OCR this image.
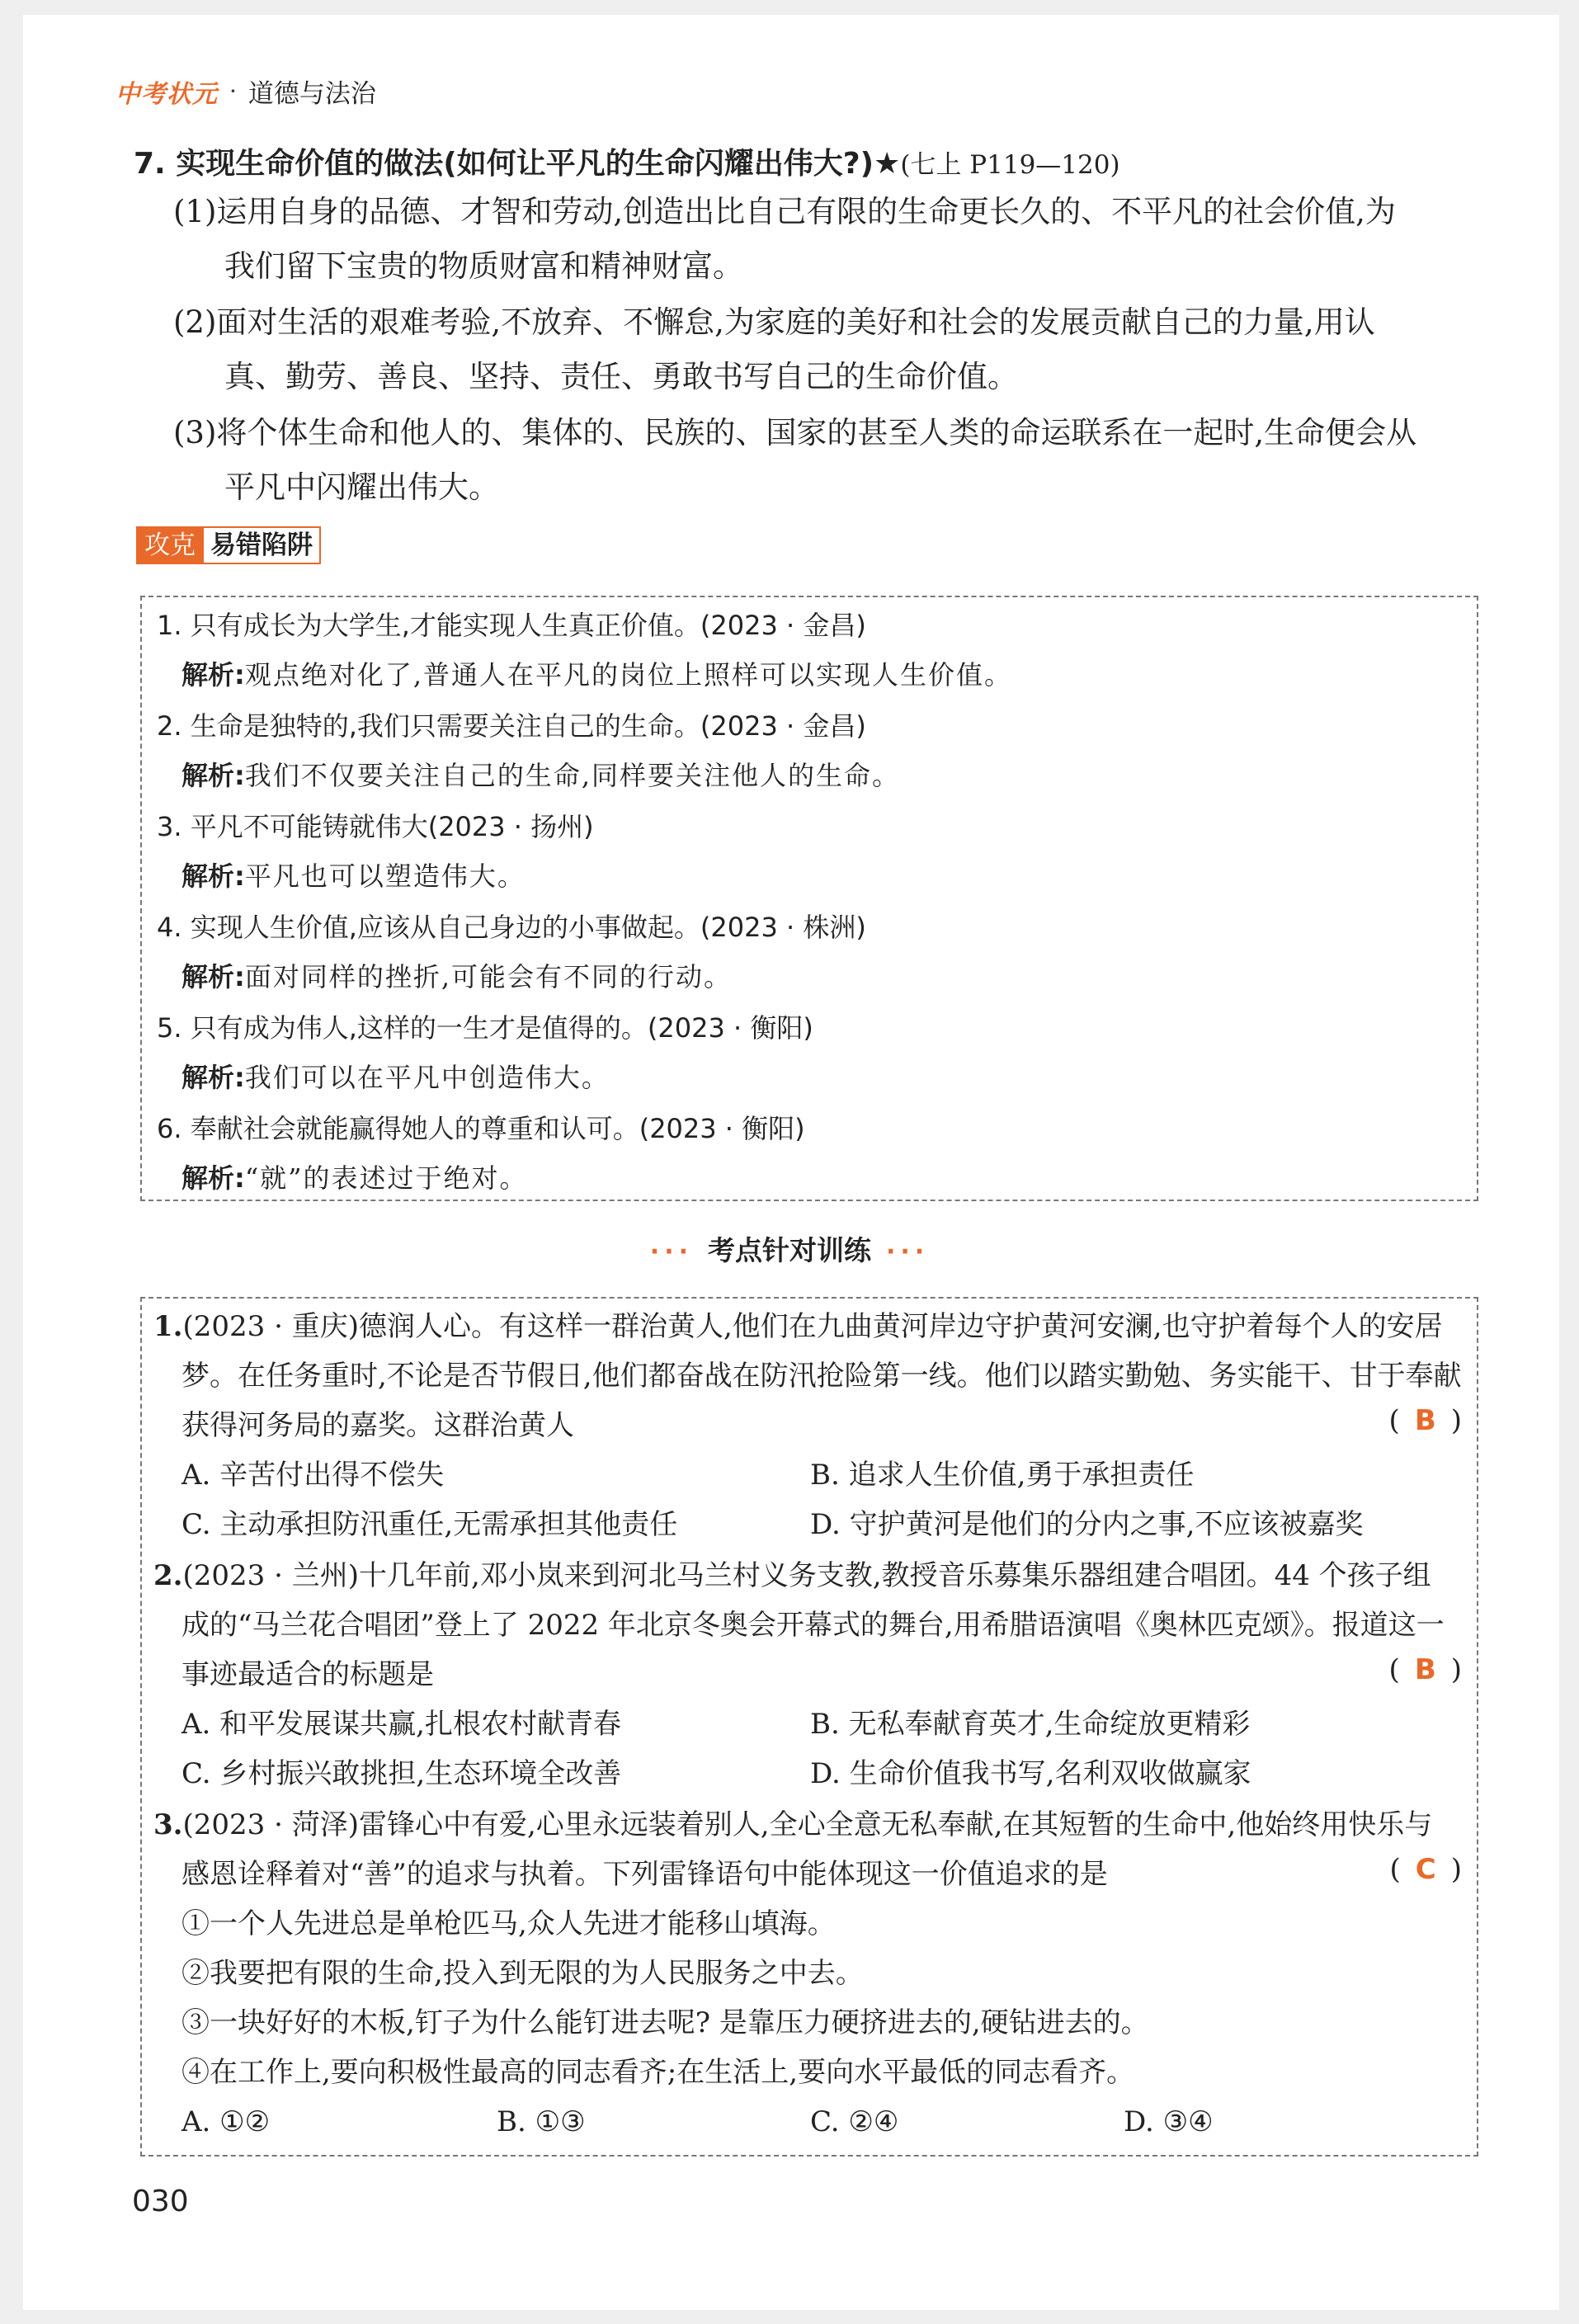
中考状元 · 道德与法治
7. 实现生命价值的做法(如何让平凡的生命闪耀出伟大?)★(七上 P119—120)
(1)运用自身的品德、才智和劳动,创造出比自己有限的生命更长久的、不平凡的社会价值,为
我们留下宝贵的物质财富和精神财富。
(2)面对生活的艰难考验,不放弃、不懈怠,为家庭的美好和社会的发展贡献自己的力量,用认
真、勤劳、善良、坚持、责任、勇敢书写自己的生命价值。
(3)将个体生命和他人的、集体的、民族的、国家的甚至人类的命运联系在一起时,生命便会从
平凡中闪耀出伟大。
攻克 易错陷阱
1. 只有成长为大学生,才能实现人生真正价值。(2023 · 金昌)
解析:观点绝对化了,普通人在平凡的岗位上照样可以实现人生价值。
2. 生命是独特的,我们只需要关注自己的生命。(2023 · 金昌)
解析:我们不仅要关注自己的生命,同样要关注他人的生命。
3. 平凡不可能铸就伟大(2023 · 扬州)
解析:平凡也可以塑造伟大。
4. 实现人生价值,应该从自己身边的小事做起。(2023 · 株洲)
解析:面对同样的挫折,可能会有不同的行动。
5. 只有成为伟人,这样的一生才是值得的。(2023 · 衡阳)
解析:我们可以在平凡中创造伟大。
6. 奉献社会就能赢得她人的尊重和认可。(2023 · 衡阳)
解析:“就”的表述过于绝对。
··· 考点针对训练 ···
1.(2023 · 重庆)德润人心。有这样一群治黄人,他们在九曲黄河岸边守护黄河安澜,也守护着每个人的安居
梦。在任务重时,不论是否节假日,他们都奋战在防汛抢险第一线。他们以踏实勤勉、务实能干、甘于奉献
获得河务局的嘉奖。这群治黄人	( B )
A. 辛苦付出得不偿失	B. 追求人生价值,勇于承担责任
C. 主动承担防汛重任,无需承担其他责任	D. 守护黄河是他们的分内之事,不应该被嘉奖
2.(2023 · 兰州)十几年前,邓小岚来到河北马兰村义务支教,教授音乐募集乐器组建合唱团。44 个孩子组
成的“马兰花合唱团”登上了 2022 年北京冬奥会开幕式的舞台,用希腊语演唱《奥林匹克颂》。报道这一
事迹最适合的标题是	( B )
A. 和平发展谋共赢,扎根农村献青春	B. 无私奉献育英才,生命绽放更精彩
C. 乡村振兴敢挑担,生态环境全改善	D. 生命价值我书写,名利双收做赢家
3.(2023 · 菏泽)雷锋心中有爱,心里永远装着别人,全心全意无私奉献,在其短暂的生命中,他始终用快乐与
感恩诠释着对“善”的追求与执着。下列雷锋语句中能体现这一价值追求的是	( C )
①一个人先进总是单枪匹马,众人先进才能移山填海。
②我要把有限的生命,投入到无限的为人民服务之中去。
③一块好好的木板,钉子为什么能钉进去呢? 是靠压力硬挤进去的,硬钻进去的。
④在工作上,要向积极性最高的同志看齐;在生活上,要向水平最低的同志看齐。
A. ①②	B. ①③	C. ②④	D. ③④
030
